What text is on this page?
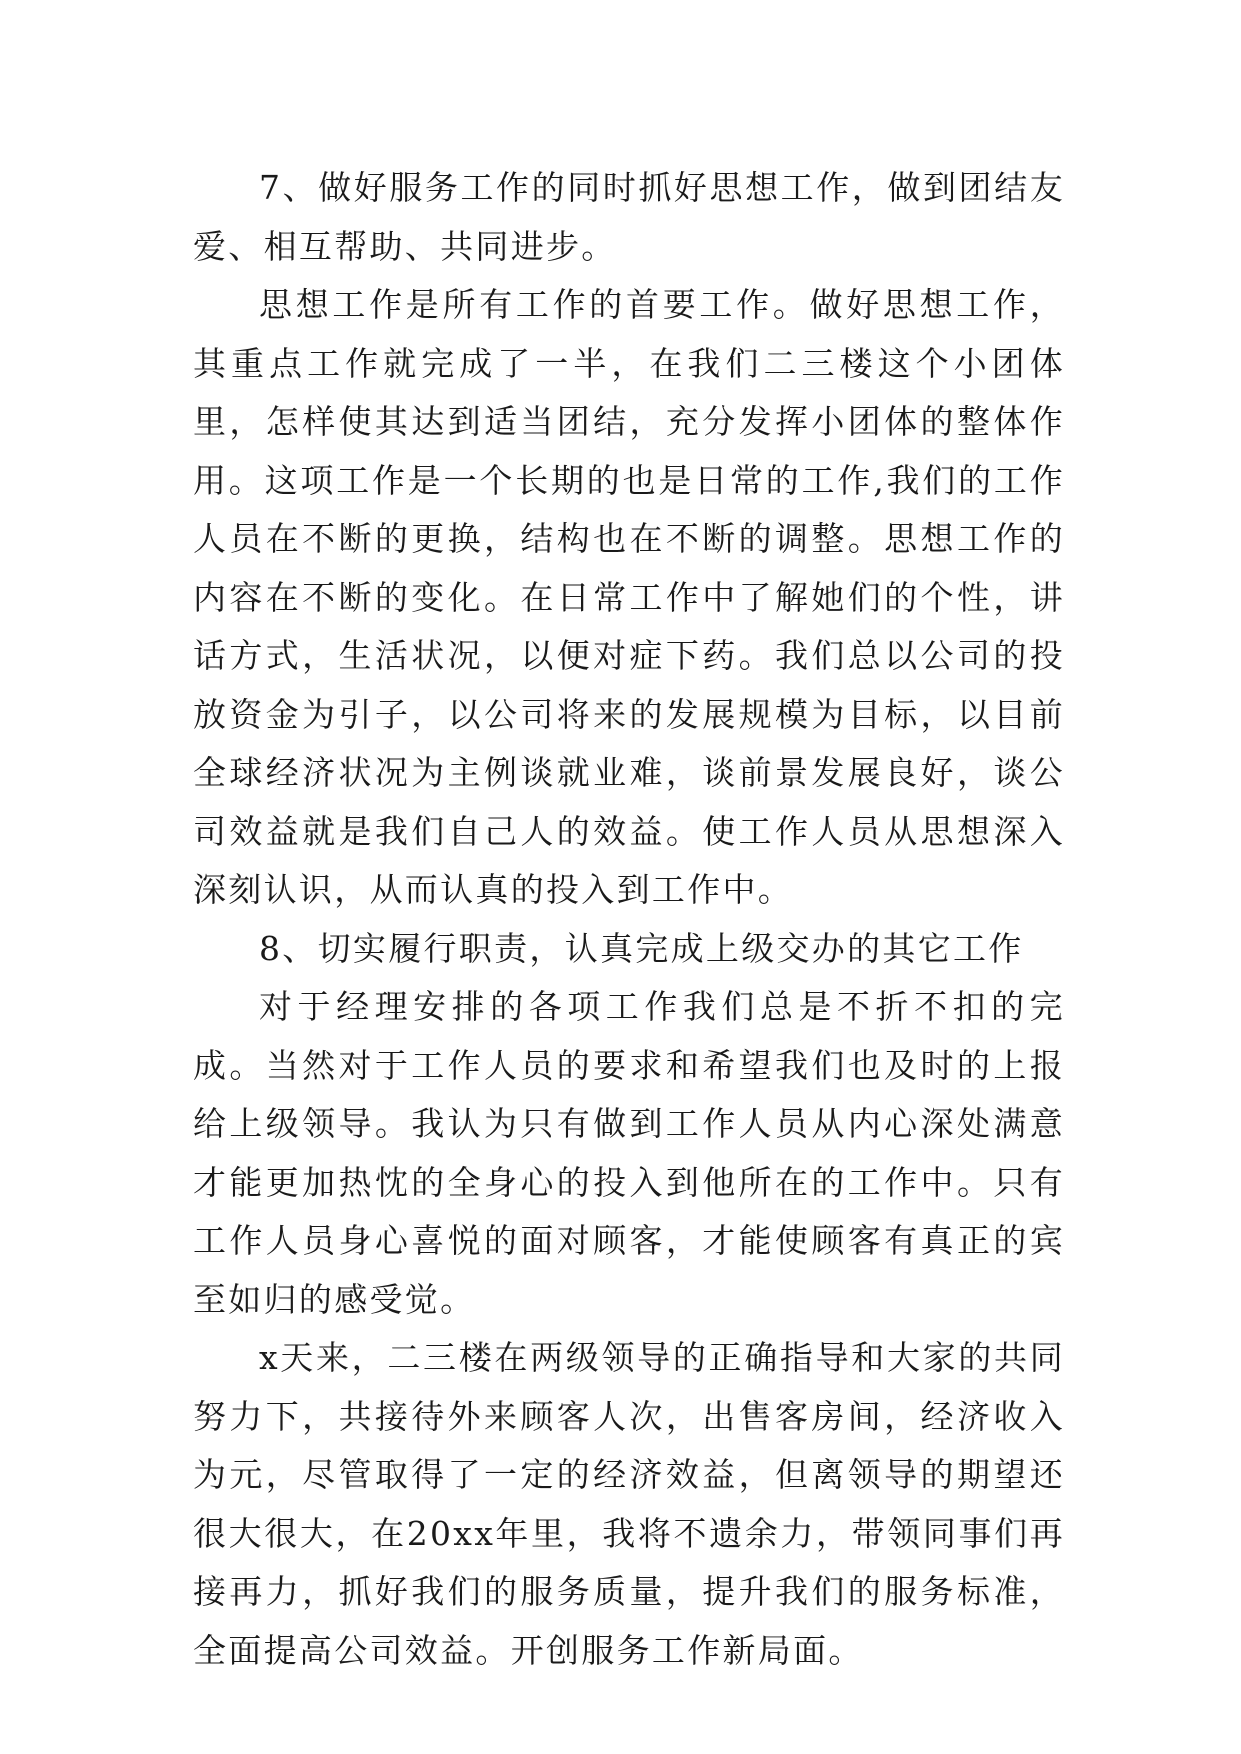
7、做好服务工作的同时抓好思想工作，做到团结友爱、相互帮助、共同进步。

思想工作是所有工作的首要工作。做好思想工作，其重点工作就完成了一半，在我们二三楼这个小团体里，怎样使其达到适当团结，充分发挥小团体的整体作用。这项工作是一个长期的也是日常的工作,我们的工作人员在不断的更换，结构也在不断的调整。思想工作的内容在不断的变化。在日常工作中了解她们的个性，讲话方式，生活状况，以便对症下药。我们总以公司的投放资金为引子，以公司将来的发展规模为目标，以目前全球经济状况为主例谈就业难，谈前景发展良好，谈公司效益就是我们自己人的效益。使工作人员从思想深入深刻认识，从而认真的投入到工作中。

8、切实履行职责，认真完成上级交办的其它工作

对于经理安排的各项工作我们总是不折不扣的完成。当然对于工作人员的要求和希望我们也及时的上报给上级领导。我认为只有做到工作人员从内心深处满意才能更加热忱的全身心的投入到他所在的工作中。只有工作人员身心喜悦的面对顾客，才能使顾客有真正的宾至如归的感受觉。

x天来，二三楼在两级领导的正确指导和大家的共同努力下，共接待外来顾客人次，出售客房间，经济收入为元，尽管取得了一定的经济效益，但离领导的期望还很大很大，在20xx年里，我将不遗余力，带领同事们再接再力，抓好我们的服务质量，提升我们的服务标准，全面提高公司效益。开创服务工作新局面。
